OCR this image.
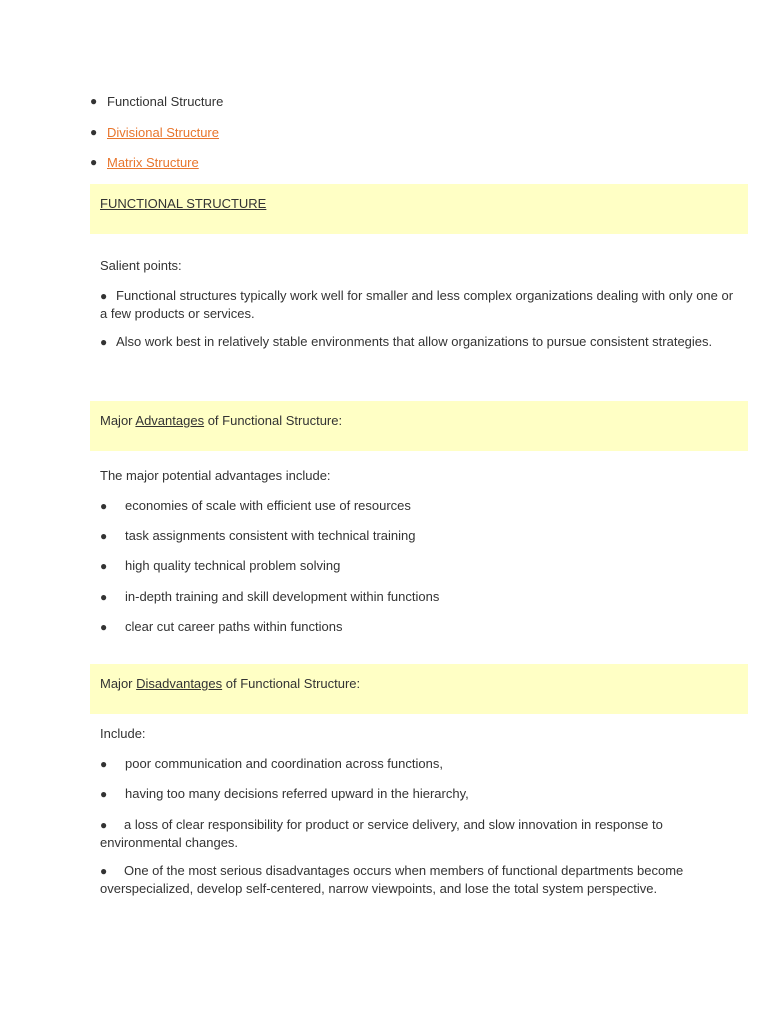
● Functional Structure
● Divisional Structure
● Matrix Structure
FUNCTIONAL STRUCTURE
Salient points:
● Functional structures typically work well for smaller and less complex organizations dealing with only one or a few products or services.
● Also work best in relatively stable environments that allow organizations to pursue consistent strategies.
Major Advantages of Functional Structure:
The major potential advantages include:
● economies of scale with efficient use of resources
● task assignments consistent with technical training
● high quality technical problem solving
● in-depth training and skill development within functions
● clear cut career paths within functions
Major Disadvantages of Functional Structure:
Include:
● poor communication and coordination across functions,
● having too many decisions referred upward in the hierarchy,
● a loss of clear responsibility for product or service delivery, and slow innovation in response to environmental changes.
● One of the most serious disadvantages occurs when members of functional departments become overspecialized, develop self-centered, narrow viewpoints, and lose the total system perspective.
